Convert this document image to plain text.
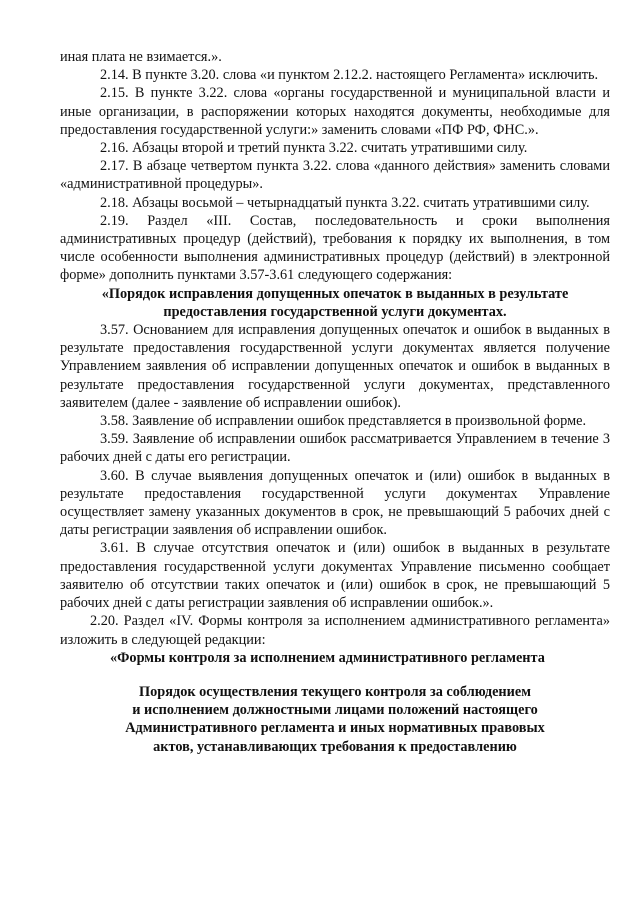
иная плата не взимается.».

2.14. В пункте 3.20. слова «и пунктом 2.12.2. настоящего Регламента» исключить.

2.15. В пункте 3.22. слова «органы государственной и муниципальной власти и иные организации, в распоряжении которых находятся документы, необходимые для предоставления государственной услуги:» заменить словами «ПФ РФ, ФНС.».

2.16. Абзацы второй и третий пункта 3.22. считать утратившими силу.

2.17. В абзаце четвертом пункта 3.22. слова «данного действия» заменить словами «административной процедуры».

2.18. Абзацы восьмой – четырнадцатый пункта 3.22. считать утратившими силу.

2.19. Раздел «III. Состав, последовательность и сроки выполнения административных процедур (действий), требования к порядку их выполнения, в том числе особенности выполнения административных процедур (действий) в электронной форме» дополнить пунктами 3.57-3.61 следующего содержания:

«Порядок исправления допущенных опечаток в выданных в результате предоставления государственной услуги документах.

3.57. Основанием для исправления допущенных опечаток и ошибок в выданных в результате предоставления государственной услуги документах является получение Управлением заявления об исправлении допущенных опечаток и ошибок в выданных в результате предоставления государственной услуги документах, представленного заявителем (далее - заявление об исправлении ошибок).

3.58. Заявление об исправлении ошибок представляется в произвольной форме.

3.59. Заявление об исправлении ошибок рассматривается Управлением в течение 3 рабочих дней с даты его регистрации.

3.60. В случае выявления допущенных опечаток и (или) ошибок в выданных в результате предоставления государственной услуги документах Управление осуществляет замену указанных документов в срок, не превышающий 5 рабочих дней с даты регистрации заявления об исправлении ошибок.

3.61. В случае отсутствия опечаток и (или) ошибок в выданных в результате предоставления государственной услуги документах Управление письменно сообщает заявителю об отсутствии таких опечаток и (или) ошибок в срок, не превышающий 5 рабочих дней с даты регистрации заявления об исправлении ошибок.».

2.20. Раздел «IV. Формы контроля за исполнением административного регламента» изложить в следующей редакции:

«Формы контроля за исполнением административного регламента

Порядок осуществления текущего контроля за соблюдением

и исполнением должностными лицами положений настоящего

Административного регламента и иных нормативных правовых

актов, устанавливающих требования к предоставлению
